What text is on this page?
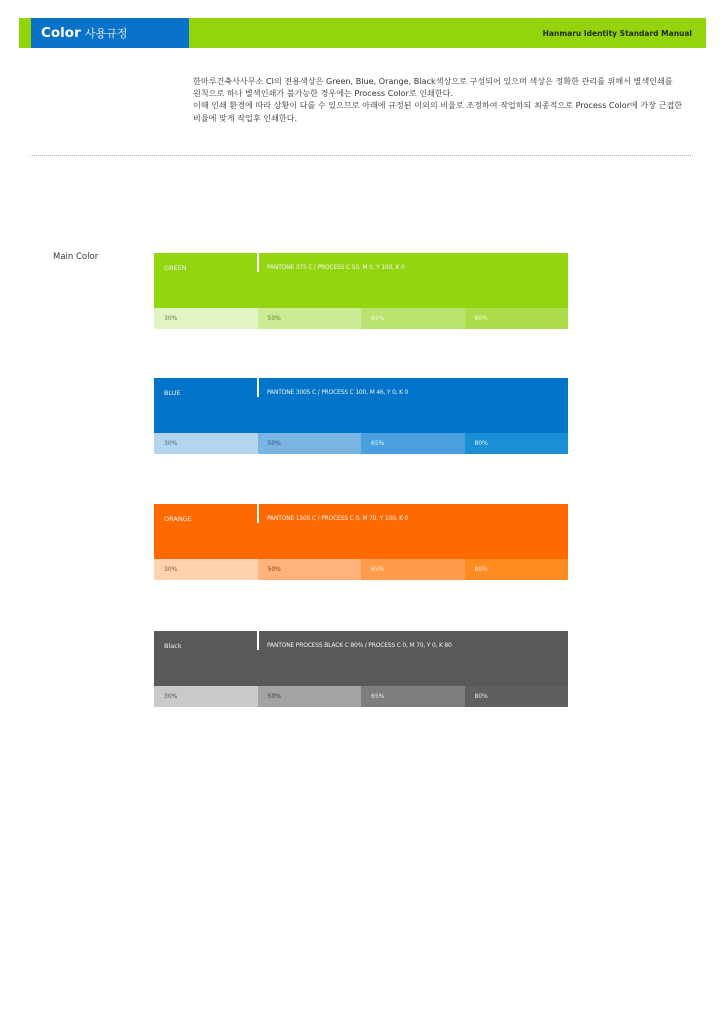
Color 사용규정	Hanmaru Identity Standard Manual

한마루건축사사무소 CI의 전용색상은 Green, Blue, Orange, Black색상으로 구성되어 있으며 색상은 정확한 관리를 위해서 별색인쇄를

원칙으로 하나 별색인쇄가 불가능한 경우에는 Process Color로 인쇄한다.

이때 인쇄 환경에 따라 상황이 다를 수 있으므로 아래에 규정된 이외의 비율로 조정하여 작업하되 최종적으로 Process Color에 가장 근접한

비율에 맞게 작업후 인쇄한다.

Main Color
GREEN	PANTONE 375 C / PROCESS C 50, M 0, Y 100, K 0
30%	50%	65%	80%
BLUE	PANTONE 3005 C / PROCESS C 100, M 46, Y 0, K 0
30%	50%	65%	80%
ORANGE	PANTONE 1505 C / PROCESS C 0, M 70, Y 100, K 0
30%	50%	65%	80%
Black	PANTONE PROCESS BLACK C 80% / PROCESS C 0, M 70, Y 0, K 80
30%	50%	65%	80%
